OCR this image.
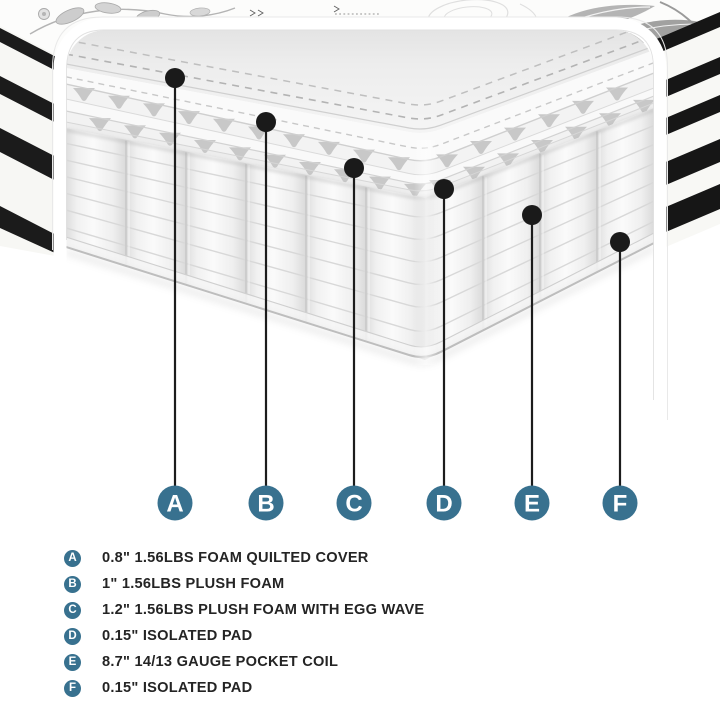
A	B	C	D	E	F
A 0.8" 1.56LBS FOAM QUILTED COVER
B 1" 1.56LBS PLUSH FOAM
C 1.2" 1.56LBS PLUSH FOAM WITH EGG WAVE
D 0.15" ISOLATED PAD
E	8.7" 14/13 GAUGE POCKET COIL
F	0.15" ISOLATED PAD
